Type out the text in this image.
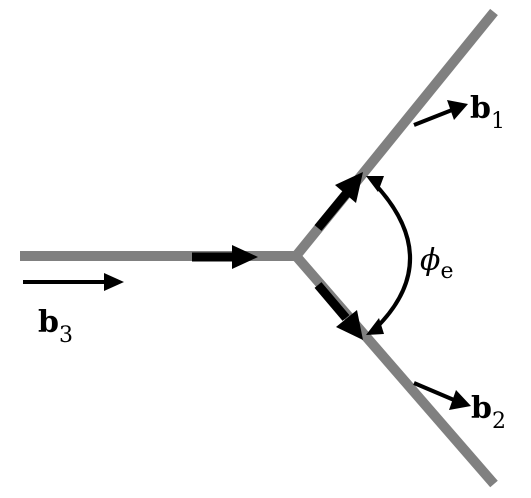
$b_1$
$b_2$
$b_3$
$\phi_e$
